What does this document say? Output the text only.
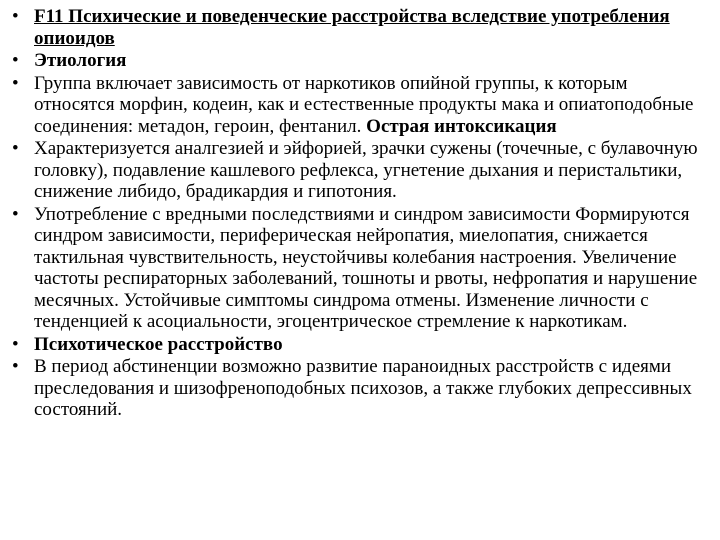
• F11 Психические и поведенческие расстройства вследствие употребления опиоидов
• Этиология
• Группа включает зависимость от наркотиков опийной группы, к которым относятся морфин, кодеин, как и естественные продукты мака и опиатоподобные соединения: метадон, героин, фентанил. Острая интоксикация
• Характеризуется аналгезией и эйфорией, зрачки сужены (точечные, с булавочную головку), подавление кашлевого рефлекса, угнетение дыхания и перистальтики, снижение либидо, брадикардия и гипотония.
• Употребление с вредными последствиями и синдром зависимости Формируются синдром зависимости, периферическая нейропатия, миелопатия, снижается тактильная чувствительность, неустойчивы колебания настроения. Увеличение частоты респираторных заболеваний, тошноты и рвоты, нефропатия и нарушение месячных. Устойчивые симптомы синдрома отмены. Изменение личности с тенденцией к асоциальности, эгоцентрическое стремление к наркотикам.
• Психотическое расстройство
• В период абстиненции возможно развитие параноидных расстройств с идеями преследования и шизофреноподобных психозов, а также глубоких депрессивных состояний.
